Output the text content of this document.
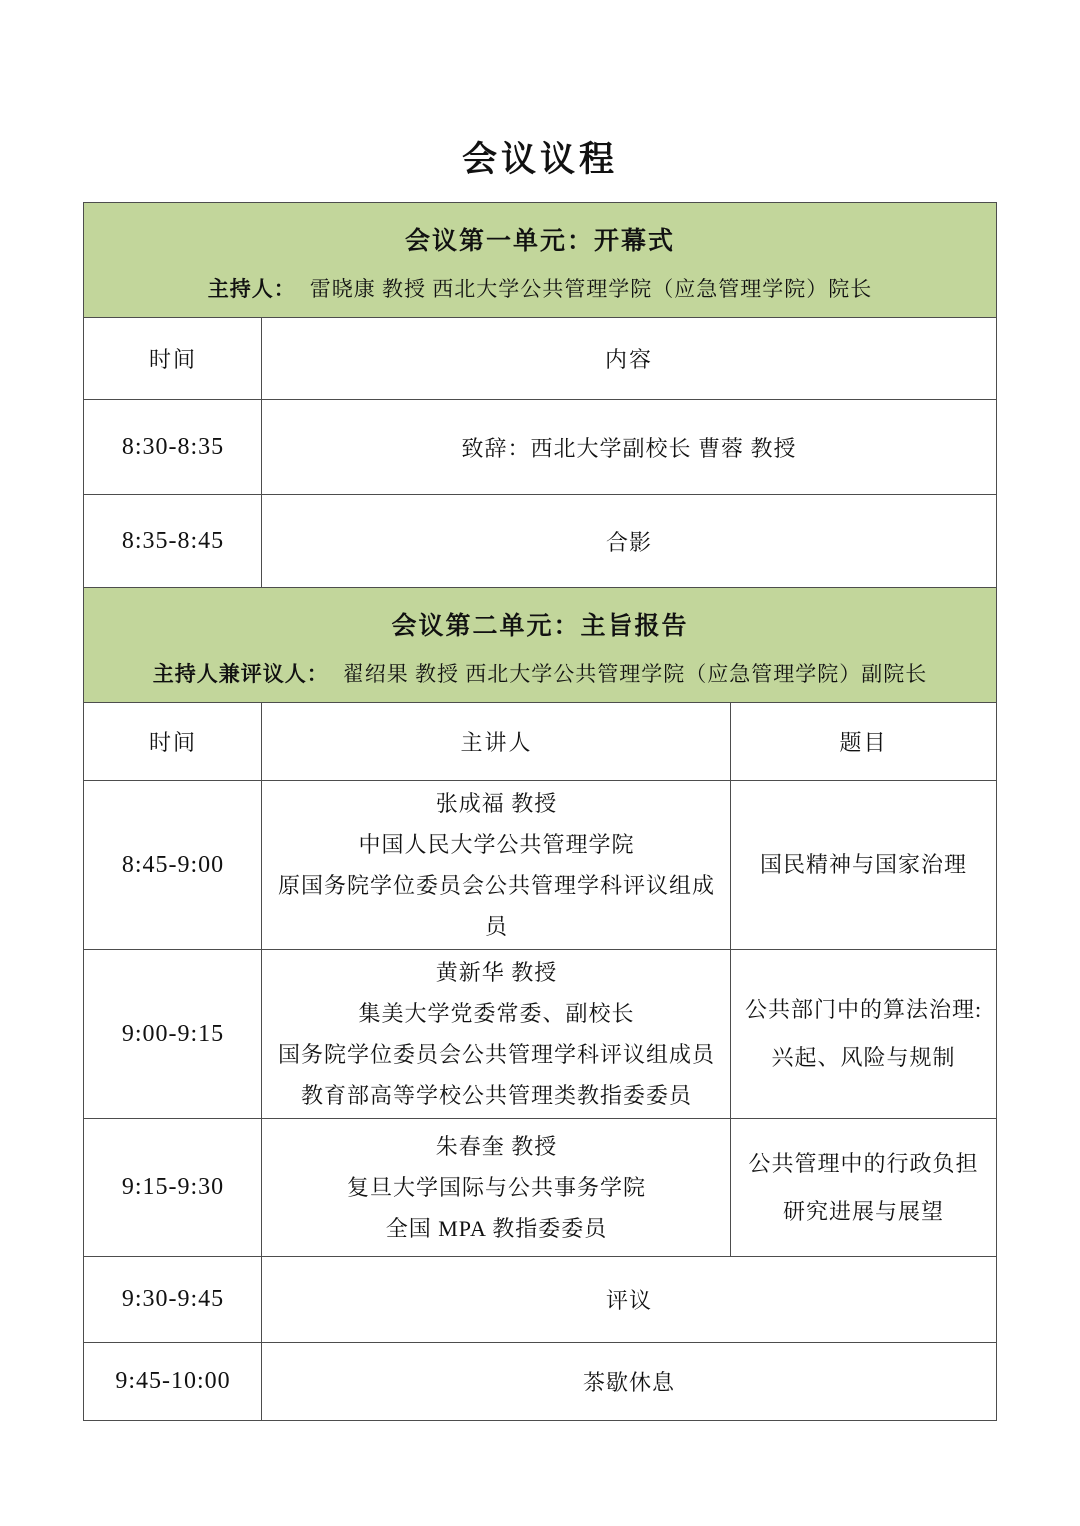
会议议程
会议第一单元：开幕式
主持人： 雷晓康 教授 西北大学公共管理学院（应急管理学院）院长		

时间	内容	
8:30-8:35	致辞：西北大学副校长 曹蓉 教授	
8:35-8:45	合影	

会议第二单元：主旨报告
主持人兼评议人： 翟绍果 教授 西北大学公共管理学院（应急管理学院）副院长		

时间	主讲人	题目
8:45-9:00	张成福 教授
中国人民大学公共管理学院
原国务院学位委员会公共管理学科评议组成员	国民精神与国家治理
9:00-9:15	黄新华 教授
集美大学党委常委、副校长
国务院学位委员会公共管理学科评议组成员
教育部高等学校公共管理类教指委委员	公共部门中的算法治理:兴起、风险与规制
9:15-9:30	朱春奎 教授
复旦大学国际与公共事务学院
全国 MPA 教指委委员	公共管理中的行政负担研究进展与展望
9:30-9:45	评议	
9:45-10:00	茶歇休息	
